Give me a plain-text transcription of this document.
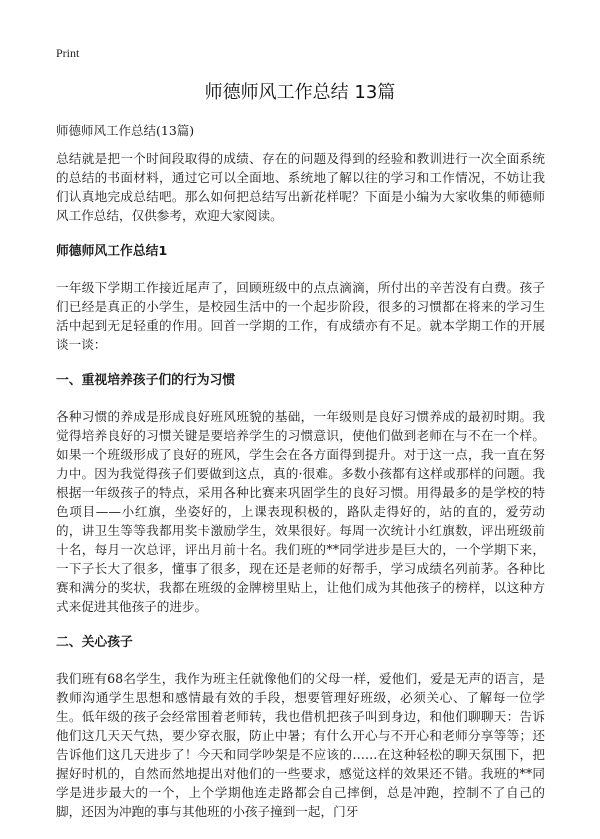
Print
师德师风工作总结 13篇

师德师风工作总结(13篇)

总结就是把一个时间段取得的成绩、存在的问题及得到的经验和教训进行一次全面系统的总结的书面材料，通过它可以全面地、系统地了解以往的学习和工作情况，不妨让我们认真地完成总结吧。那么如何把总结写出新花样呢？下面是小编为大家收集的师德师风工作总结，仅供参考，欢迎大家阅读。

师德师风工作总结1

一年级下学期工作接近尾声了，回顾班级中的点点滴滴，所付出的辛苦没有白费。孩子们已经是真正的小学生，是校园生活中的一个起步阶段，很多的习惯都在将来的学习生活中起到无足轻重的作用。回首一学期的工作，有成绩亦有不足。就本学期工作的开展谈一谈：

一、重视培养孩子们的行为习惯

各种习惯的养成是形成良好班风班貌的基础，一年级则是良好习惯养成的最初时期。我觉得培养良好的习惯关键是要培养学生的习惯意识，使他们做到老师在与不在一个样。如果一个班级形成了良好的班风，学生会在各方面得到提升。对于这一点，我一直在努力中。因为我觉得孩子们要做到这点，真的·很难。多数小孩都有这样或那样的问题。我根据一年级孩子的特点，采用各种比赛来巩固学生的良好习惯。用得最多的是学校的特色项目——小红旗，坐姿好的，上课表现积极的，路队走得好的，站的直的，爱劳动的，讲卫生等等我都用奖卡激励学生，效果很好。每周一次统计小红旗数，评出班级前十名，每月一次总评，评出月前十名。我们班的**同学进步是巨大的，一个学期下来，一下子长大了很多，懂事了很多，现在还是老师的好帮手，学习成绩名列前茅。各种比赛和满分的奖状，我都在班级的金牌榜里贴上，让他们成为其他孩子的榜样，以这种方式来促进其他孩子的进步。

二、关心孩子

我们班有68名学生，我作为班主任就像他们的父母一样，爱他们，爱是无声的语言，是教师沟通学生思想和感情最有效的手段，想要管理好班级，必须关心、了解每一位学生。低年级的孩子会经常围着老师转，我也借机把孩子叫到身边，和他们聊聊天：告诉他们这几天天气热，要少穿衣服，防止中暑；有什么开心与不开心和老师分享等等；还告诉他们这几天进步了！今天和同学吵架是不应该的……在这种轻松的聊天氛围下，把握好时机的，自然而然地提出对他们的一些要求，感觉这样的效果还不错。我班的**同学是进步最大的一个，上个学期他连走路都会自己摔倒，总是冲跑，控制不了自己的脚，还因为冲跑的事与其他班的小孩子撞到一起，门牙
